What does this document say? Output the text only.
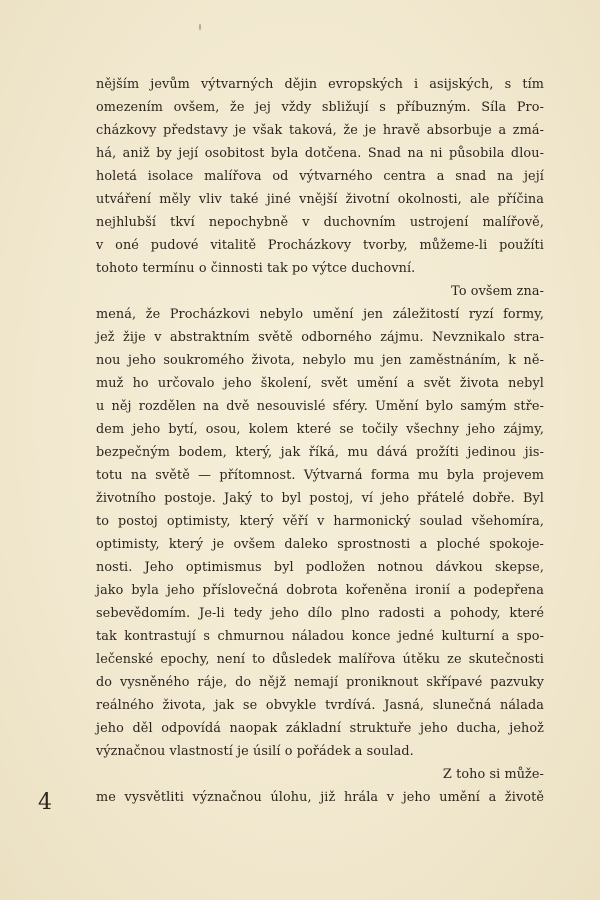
nějším jevům výtvarných dějin evropských i asijských, s tím
omezením ovšem, že jej vždy sbližují s příbuzným. Síla Pro-
cházkovy představy je však taková, že je hravě absorbuje a zmá-
há, aniž by její osobitost byla dotčena. Snad na ni působila dlou-
holetá isolace malířova od výtvarného centra a snad na její
utváření měly vliv také jiné vnější životní okolnosti, ale příčina
nejhlubší tkví nepochybně v duchovním ustrojení malířově,
v oné pudové vitalitě Procházkovy tvorby, můžeme-li použíti
tohoto termínu o činnosti tak po výtce duchovní.
To ovšem zna-
mená, že Procházkovi nebylo umění jen záležitostí ryzí formy,
jež žije v abstraktním světě odborného zájmu. Nevznikalo stra-
nou jeho soukromého života, nebylo mu jen zaměstnáním, k ně-
muž ho určovalo jeho školení, svět umění a svět života nebyl
u něj rozdělen na dvě nesouvislé sféry. Umění bylo samým stře-
dem jeho bytí, osou, kolem které se točily všechny jeho zájmy,
bezpečným bodem, který, jak říká, mu dává prožíti jedinou jis-
totu na světě — přítomnost. Výtvarná forma mu byla projevem
životního postoje. Jaký to byl postoj, ví jeho přátelé dobře. Byl
to postoj optimisty, který věří v harmonický soulad všehomíra,
optimisty, který je ovšem daleko sprostnosti a ploché spokoje-
nosti. Jeho optimismus byl podložen notnou dávkou skepse,
jako byla jeho příslovečná dobrota kořeněna ironií a podepřena
sebevědomím. Je-li tedy jeho dílo plno radosti a pohody, které
tak kontrastují s chmurnou náladou konce jedné kulturní a spo-
lečenské epochy, není to důsledek malířova útěku ze skutečnosti
do vysněného ráje, do nějž nemají proniknout skřípavé pazvuky
reálného života, jak se obvykle tvrdívá. Jasná, slunečná nálada
jeho děl odpovídá naopak základní struktuře jeho ducha, jehož
význačnou vlastností je úsilí o pořádek a soulad.
Z toho si může-
me vysvětliti význačnou úlohu, již hrála v jeho umění a životě
4
